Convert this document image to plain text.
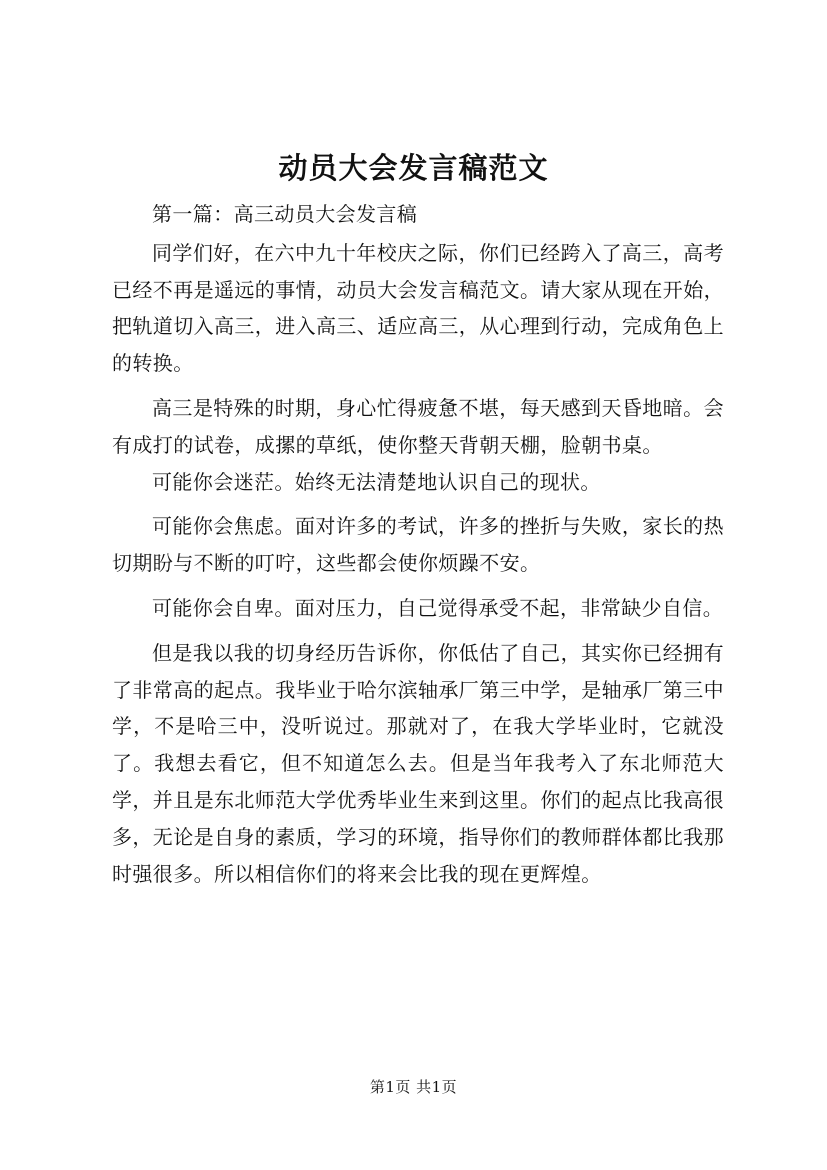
动员大会发言稿范文

第一篇：高三动员大会发言稿

同学们好，在六中九十年校庆之际，你们已经跨入了高三，高考已经不再是遥远的事情，动员大会发言稿范文。请大家从现在开始，把轨道切入高三，进入高三、适应高三，从心理到行动，完成角色上的转换。

高三是特殊的时期，身心忙得疲惫不堪，每天感到天昏地暗。会有成打的试卷，成摞的草纸，使你整天背朝天棚，脸朝书桌。

可能你会迷茫。始终无法清楚地认识自己的现状。

可能你会焦虑。面对许多的考试，许多的挫折与失败，家长的热切期盼与不断的叮咛，这些都会使你烦躁不安。

可能你会自卑。面对压力，自己觉得承受不起，非常缺少自信。

但是我以我的切身经历告诉你，你低估了自己，其实你已经拥有了非常高的起点。我毕业于哈尔滨轴承厂第三中学，是轴承厂第三中学，不是哈三中，没听说过。那就对了，在我大学毕业时，它就没了。我想去看它，但不知道怎么去。但是当年我考入了东北师范大学，并且是东北师范大学优秀毕业生来到这里。你们的起点比我高很多，无论是自身的素质，学习的环境，指导你们的教师群体都比我那时强很多。所以相信你们的将来会比我的现在更辉煌。

第1页 共1页
